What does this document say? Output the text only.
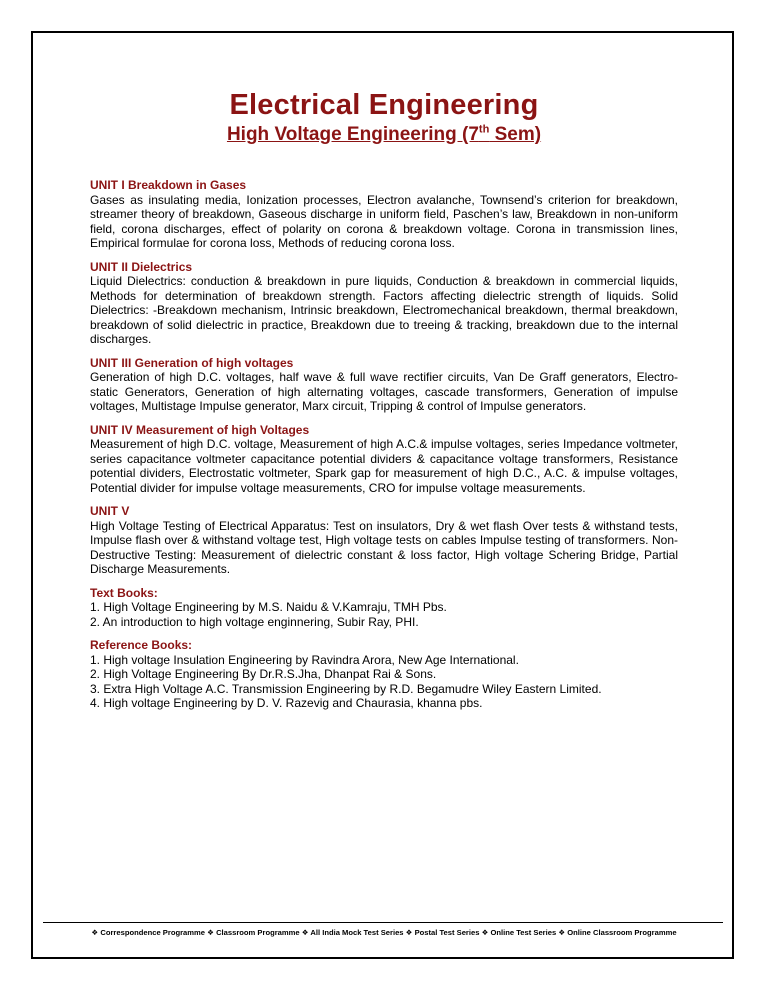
Electrical Engineering
High Voltage Engineering (7th Sem)
UNIT I Breakdown in Gases
Gases as insulating media, Ionization processes, Electron avalanche, Townsend’s criterion for breakdown, streamer theory of breakdown, Gaseous discharge in uniform field, Paschen’s law, Breakdown in non-uniform field, corona discharges, effect of polarity on corona & breakdown voltage. Corona in transmission lines, Empirical formulae for corona loss, Methods of reducing corona loss.
UNIT II Dielectrics
Liquid Dielectrics: conduction & breakdown in pure liquids, Conduction & breakdown in commercial liquids, Methods for determination of breakdown strength. Factors affecting dielectric strength of liquids. Solid Dielectrics: -Breakdown mechanism, Intrinsic breakdown, Electromechanical breakdown, thermal breakdown, breakdown of solid dielectric in practice, Breakdown due to treeing & tracking, breakdown due to the internal discharges.
UNIT III Generation of high voltages
Generation of high D.C. voltages, half wave & full wave rectifier circuits, Van De Graff generators, Electro-static Generators, Generation of high alternating voltages, cascade transformers, Generation of impulse voltages, Multistage Impulse generator, Marx circuit, Tripping & control of Impulse generators.
UNIT IV Measurement of high Voltages
Measurement of high D.C. voltage, Measurement of high A.C.& impulse voltages, series Impedance voltmeter, series capacitance voltmeter capacitance potential dividers & capacitance voltage transformers, Resistance potential dividers, Electrostatic voltmeter, Spark gap for measurement of high D.C., A.C. & impulse voltages, Potential divider for impulse voltage measurements, CRO for impulse voltage measurements.
UNIT V
High Voltage Testing of Electrical Apparatus: Test on insulators, Dry & wet flash Over tests & withstand tests, Impulse flash over & withstand voltage test, High voltage tests on cables Impulse testing of transformers. Non-Destructive Testing: Measurement of dielectric constant & loss factor, High voltage Schering Bridge, Partial Discharge Measurements.
Text Books:
1. High Voltage Engineering by M.S. Naidu & V.Kamraju, TMH Pbs.
2. An introduction to high voltage enginnering, Subir Ray, PHI.
Reference Books:
1. High voltage Insulation Engineering by Ravindra Arora, New Age International.
2. High Voltage Engineering By Dr.R.S.Jha, Dhanpat Rai & Sons.
3. Extra High Voltage A.C. Transmission Engineering by R.D. Begamudre Wiley Eastern Limited.
4. High voltage Engineering by D. V. Razevig and Chaurasia, khanna pbs.
❖ Correspondence Programme ❖ Classroom Programme ❖ All India Mock Test Series ❖ Postal Test Series ❖ Online Test Series ❖ Online Classroom Programme
